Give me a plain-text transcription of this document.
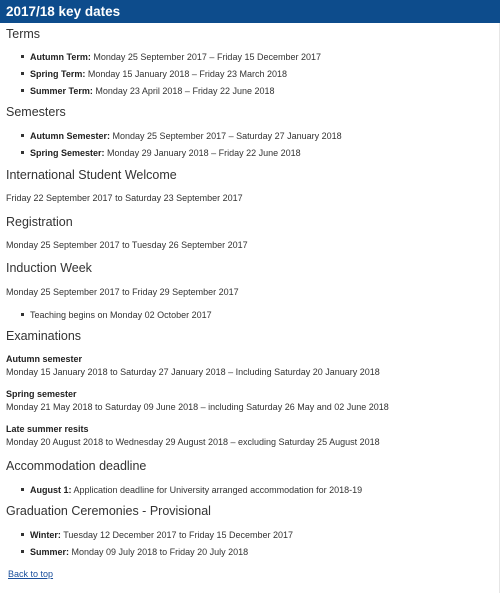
2017/18 key dates
Terms
Autumn Term: Monday 25 September 2017 – Friday 15 December 2017
Spring Term: Monday 15 January 2018 – Friday 23 March 2018
Summer Term: Monday 23 April 2018 – Friday 22 June 2018
Semesters
Autumn Semester: Monday 25 September 2017 – Saturday 27 January 2018
Spring Semester: Monday 29 January 2018 – Friday 22 June 2018
International Student Welcome
Friday 22 September 2017 to Saturday 23 September 2017
Registration
Monday 25 September 2017 to Tuesday 26 September 2017
Induction Week
Monday 25 September 2017 to Friday 29 September 2017
Teaching begins on Monday 02 October 2017
Examinations
Autumn semester
Monday 15 January 2018 to Saturday 27 January 2018 – Including Saturday 20 January 2018
Spring semester
Monday 21 May 2018 to Saturday 09 June 2018 – including Saturday 26 May and 02 June 2018
Late summer resits
Monday 20 August 2018 to Wednesday 29 August 2018 – excluding Saturday 25 August 2018
Accommodation deadline
August 1: Application deadline for University arranged accommodation for 2018-19
Graduation Ceremonies - Provisional
Winter: Tuesday 12 December 2017 to Friday 15 December 2017
Summer: Monday 09 July 2018 to Friday 20 July 2018
Back to top
